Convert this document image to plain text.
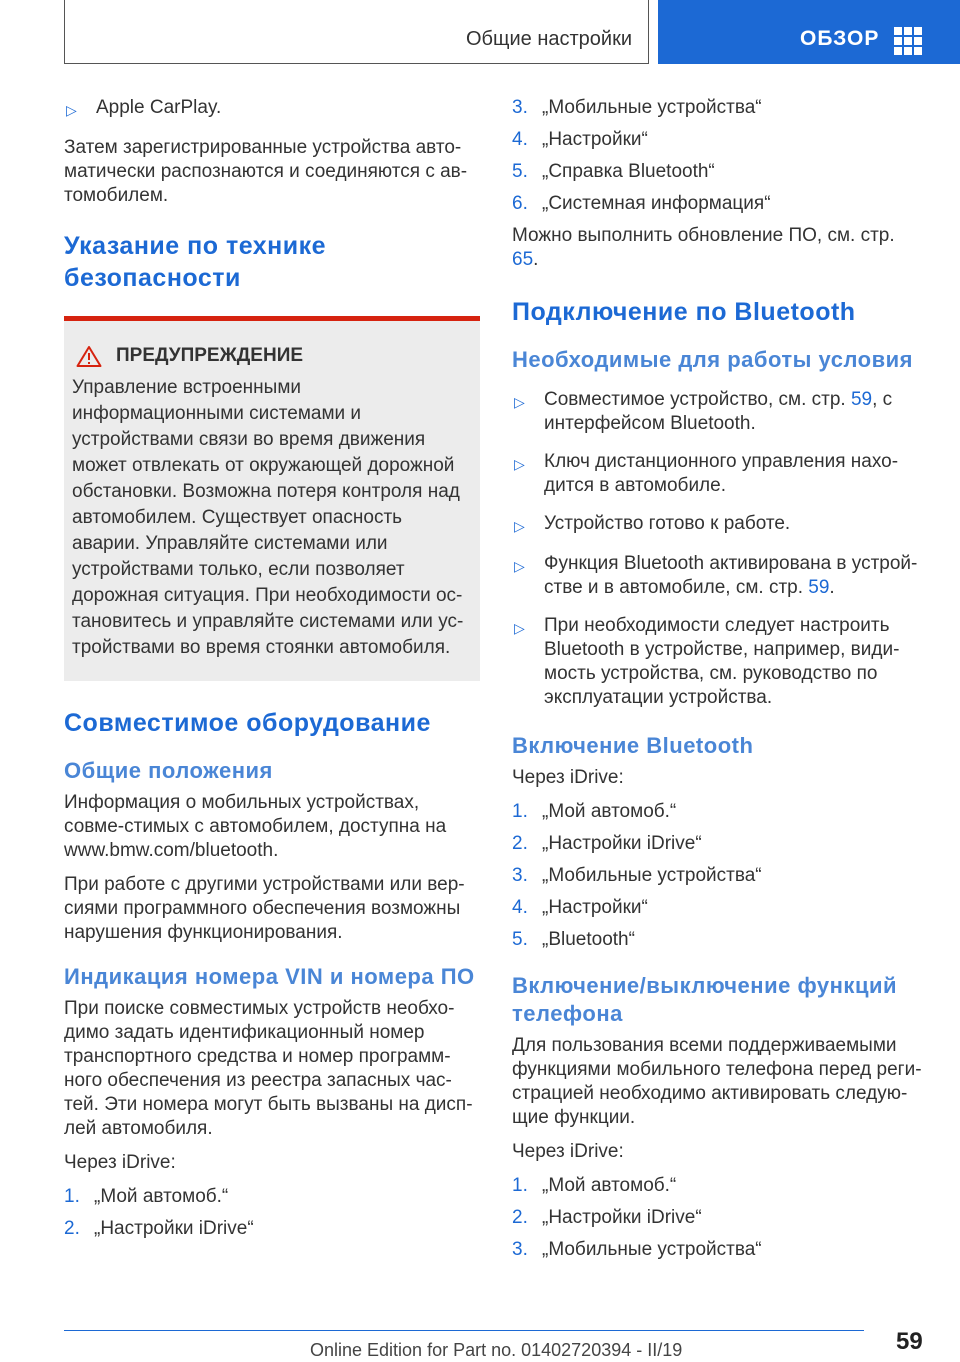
Общие настройки	ОБЗОР
▷	Apple CarPlay.

Затем зарегистрированные устройства авто-матически распознаются и соединяются с ав-томобилем.

Указание по технике безопасности
ПРЕДУПРЕЖДЕНИЕ
Управление встроенными информационными системами и устройствами связи во время движения может отвлекать от окружающей дорожной обстановки. Возможна потеря контроля над автомобилем. Существует опасность аварии. Управляйте системами или устройствами только, если позволяет дорожная ситуация. При необходимости ос-тановитесь и управляйте системами или ус-тройствами во время стоянки автомобиля.
Совместимое оборудование
Общие положения

Информация о мобильных устройствах, совме-стимых с автомобилем, доступна на www.bmw.com/bluetooth.

При работе с другими устройствами или вер-сиями программного обеспечения возможны нарушения функционирования.

Индикация номера VIN и номера ПО

При поиске совместимых устройств необхо-димо задать идентификационный номер транспортного средства и номер программ-ного обеспечения из реестра запасных час-тей. Эти номера могут быть вызваны на дисп-лей автомобиля.

Через iDrive:

1. „Мой автомоб.“
2. „Настройки iDrive“
3. „Мобильные устройства“
4. „Настройки“
5. „Справка Bluetooth“
6. „Системная информация“

Можно выполнить обновление ПО, см. стр. 65.

Подключение по Bluetooth
Необходимые для работы условия
▷	Совместимое устройство, см. стр. 59, с интерфейсом Bluetooth.
▷	Ключ дистанционного управления нахо-дится в автомобиле.
▷	Устройство готово к работе.
▷	Функция Bluetooth активирована в устрой-стве и в автомобиле, см. стр. 59.
▷	При необходимости следует настроить Bluetooth в устройстве, например, види-мость устройства, см. руководство по эксплуатации устройства.
Включение Bluetooth

Через iDrive:

1. „Мой автомоб.“
2. „Настройки iDrive“
3. „Мобильные устройства“
4. „Настройки“
5. „Bluetooth“
Включение/выключение функций телефона

Для пользования всеми поддерживаемыми функциями мобильного телефона перед реги-страцией необходимо активировать следую-щие функции.

Через iDrive:

1. „Мой автомоб.“
2. „Настройки iDrive“
3. „Мобильные устройства“
59
Online Edition for Part no. 01402720394 - II/19
